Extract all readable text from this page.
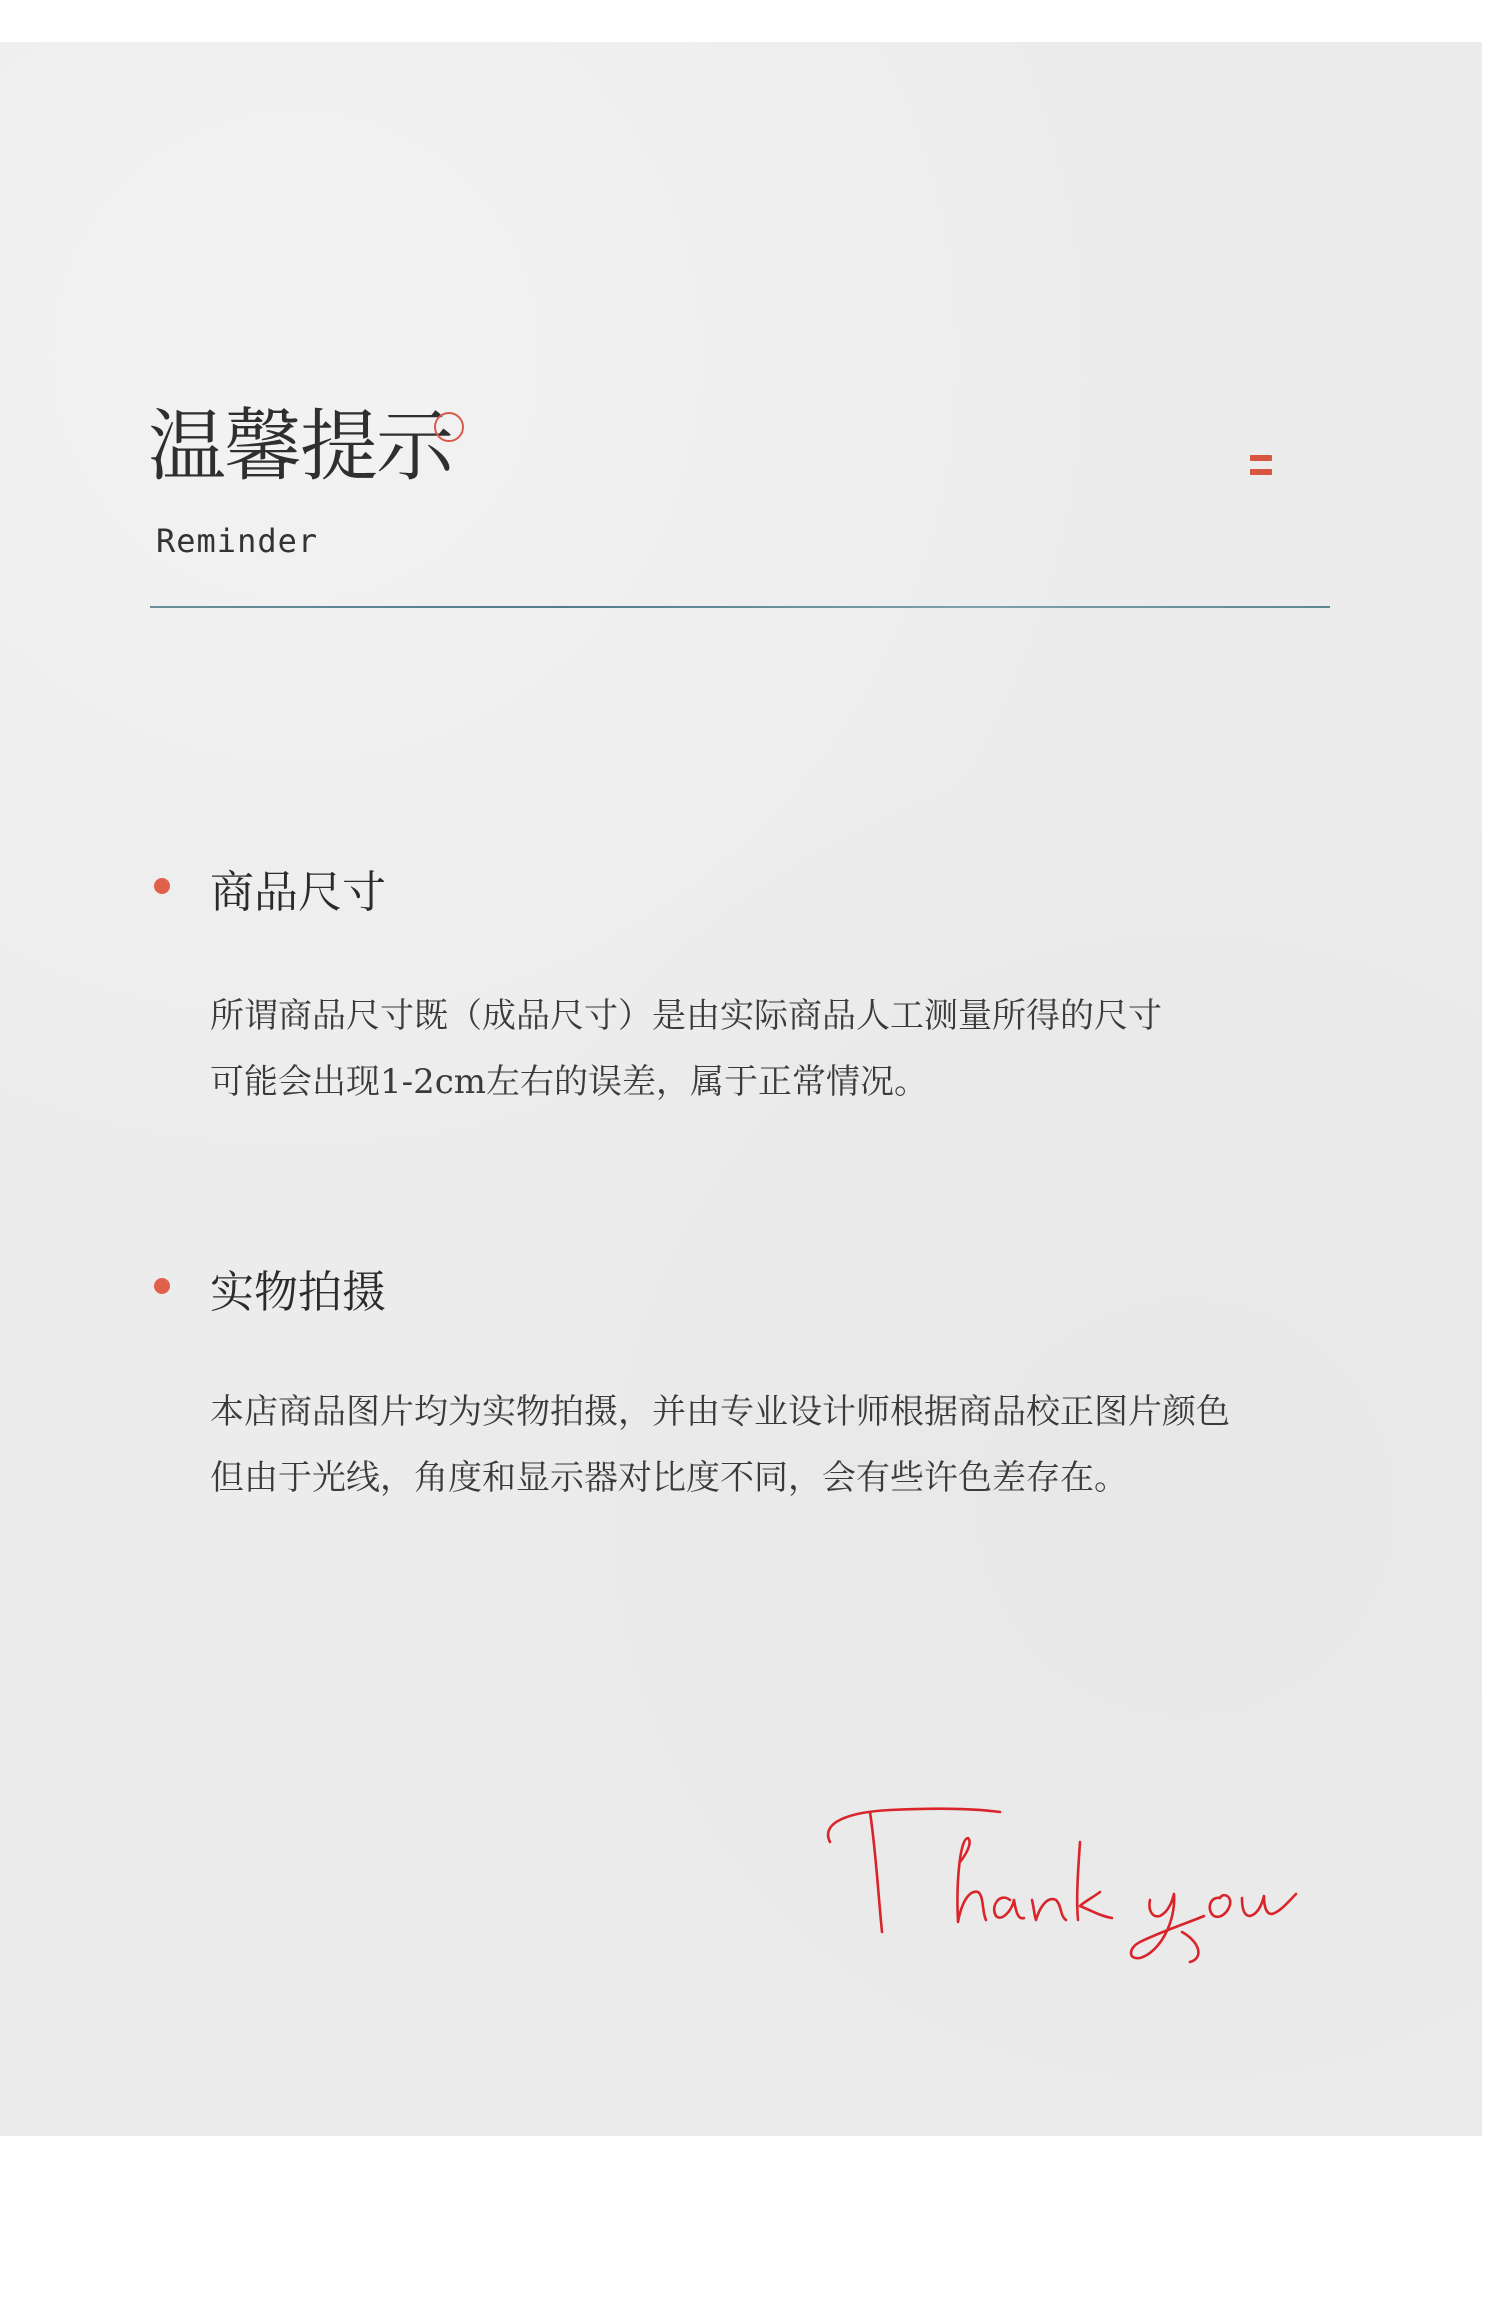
温馨提示
Reminder
商品尺寸
所谓商品尺寸既（成品尺寸）是由实际商品人工测量所得的尺寸
可能会出现1-2cm左右的误差，属于正常情况。
实物拍摄
本店商品图片均为实物拍摄，并由专业设计师根据商品校正图片颜色
但由于光线，角度和显示器对比度不同，会有些许色差存在。
